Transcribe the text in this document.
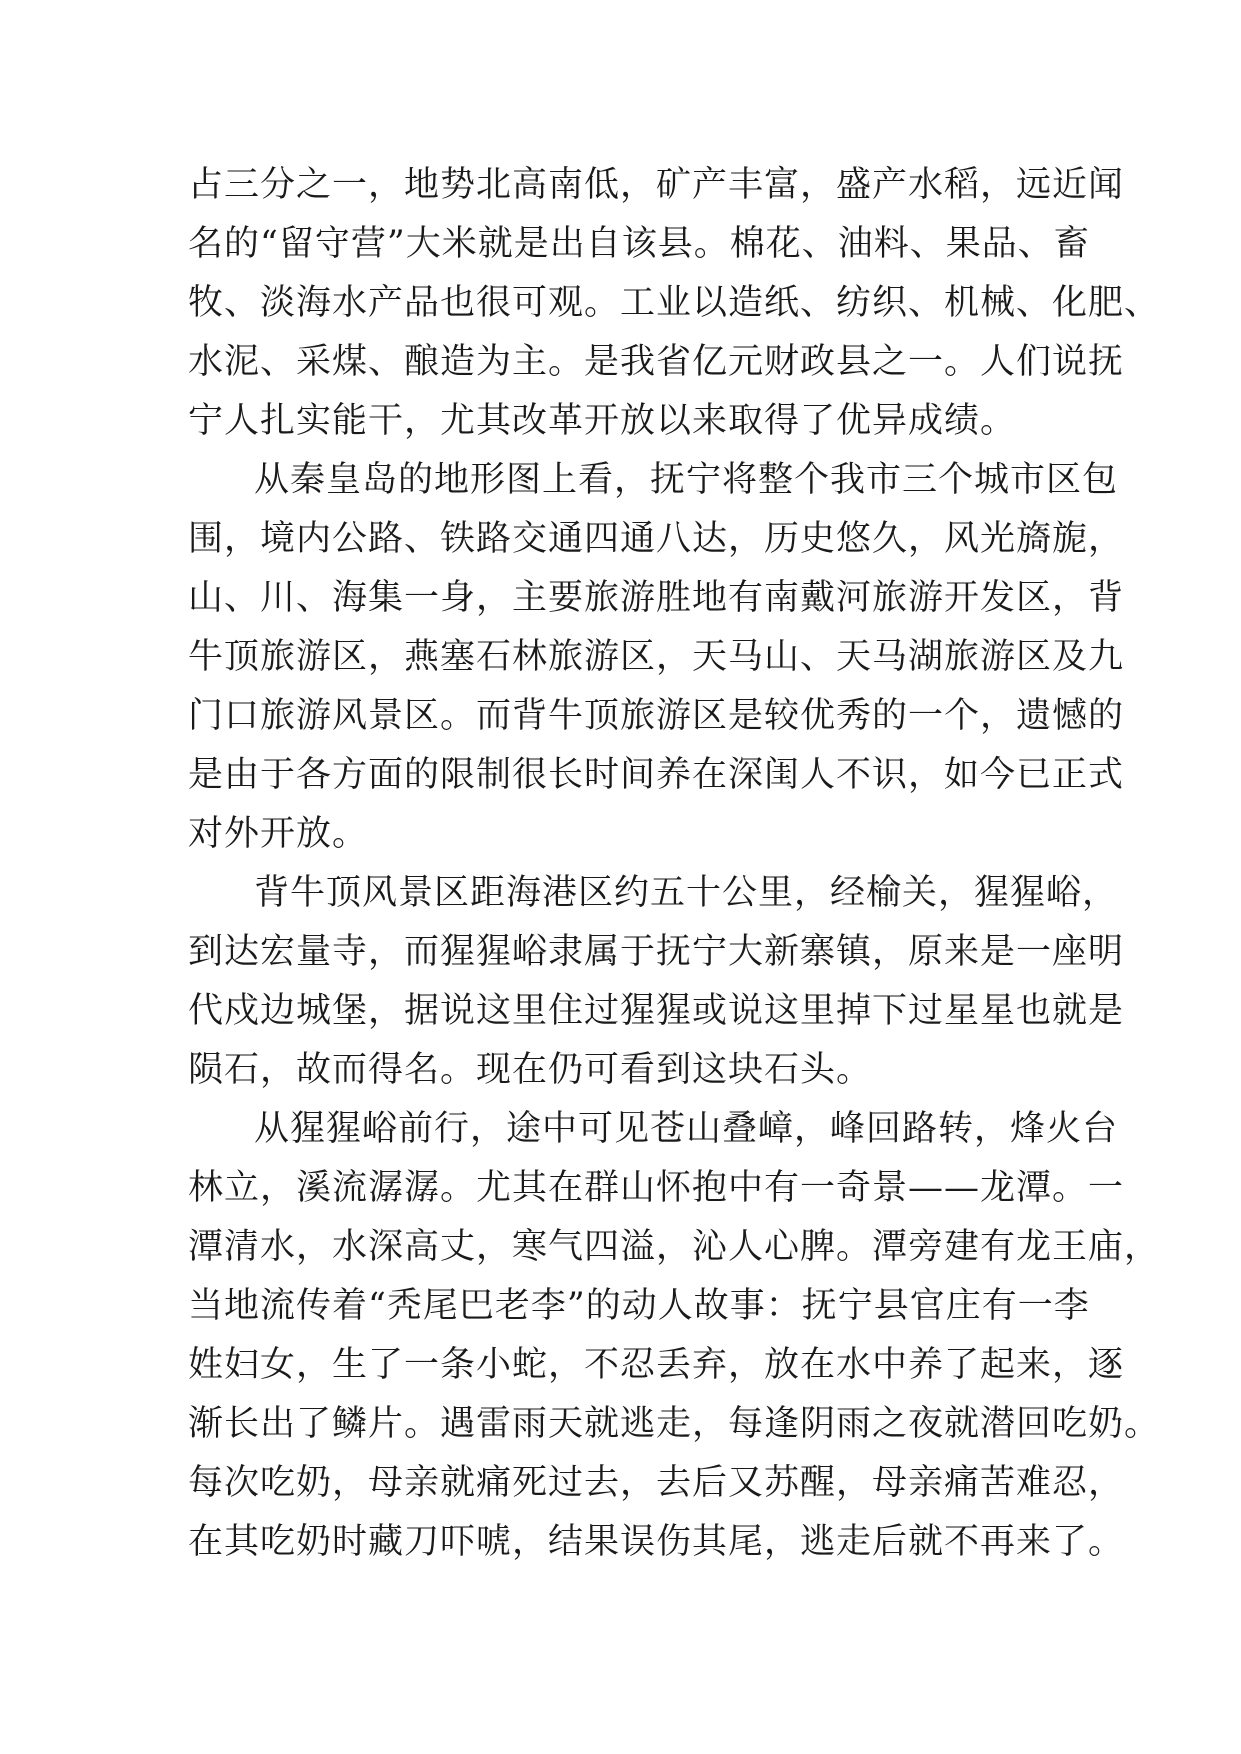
占三分之一，地势北高南低，矿产丰富，盛产水稻，远近闻
名的“留守营”大米就是出自该县。棉花、油料、果品、畜
牧、淡海水产品也很可观。工业以造纸、纺织、机械、化肥、
水泥、采煤、酿造为主。是我省亿元财政县之一。人们说抚
宁人扎实能干，尤其改革开放以来取得了优异成绩。
从秦皇岛的地形图上看，抚宁将整个我市三个城市区包
围，境内公路、铁路交通四通八达，历史悠久，风光旖旎，
山、川、海集一身，主要旅游胜地有南戴河旅游开发区，背
牛顶旅游区，燕塞石林旅游区，天马山、天马湖旅游区及九
门口旅游风景区。而背牛顶旅游区是较优秀的一个，遗憾的
是由于各方面的限制很长时间养在深闺人不识，如今已正式
对外开放。
背牛顶风景区距海港区约五十公里，经榆关，猩猩峪，
到达宏量寺，而猩猩峪隶属于抚宁大新寨镇，原来是一座明
代戍边城堡，据说这里住过猩猩或说这里掉下过星星也就是
陨石，故而得名。现在仍可看到这块石头。
从猩猩峪前行，途中可见苍山叠嶂，峰回路转，烽火台
林立，溪流潺潺。尤其在群山怀抱中有一奇景——龙潭。一
潭清水，水深高丈，寒气四溢，沁人心脾。潭旁建有龙王庙，
当地流传着“秃尾巴老李”的动人故事：抚宁县官庄有一李
姓妇女，生了一条小蛇，不忍丢弃，放在水中养了起来，逐
渐长出了鳞片。遇雷雨天就逃走，每逢阴雨之夜就潜回吃奶。
每次吃奶，母亲就痛死过去，去后又苏醒，母亲痛苦难忍，
在其吃奶时藏刀吓唬，结果误伤其尾，逃走后就不再来了。
